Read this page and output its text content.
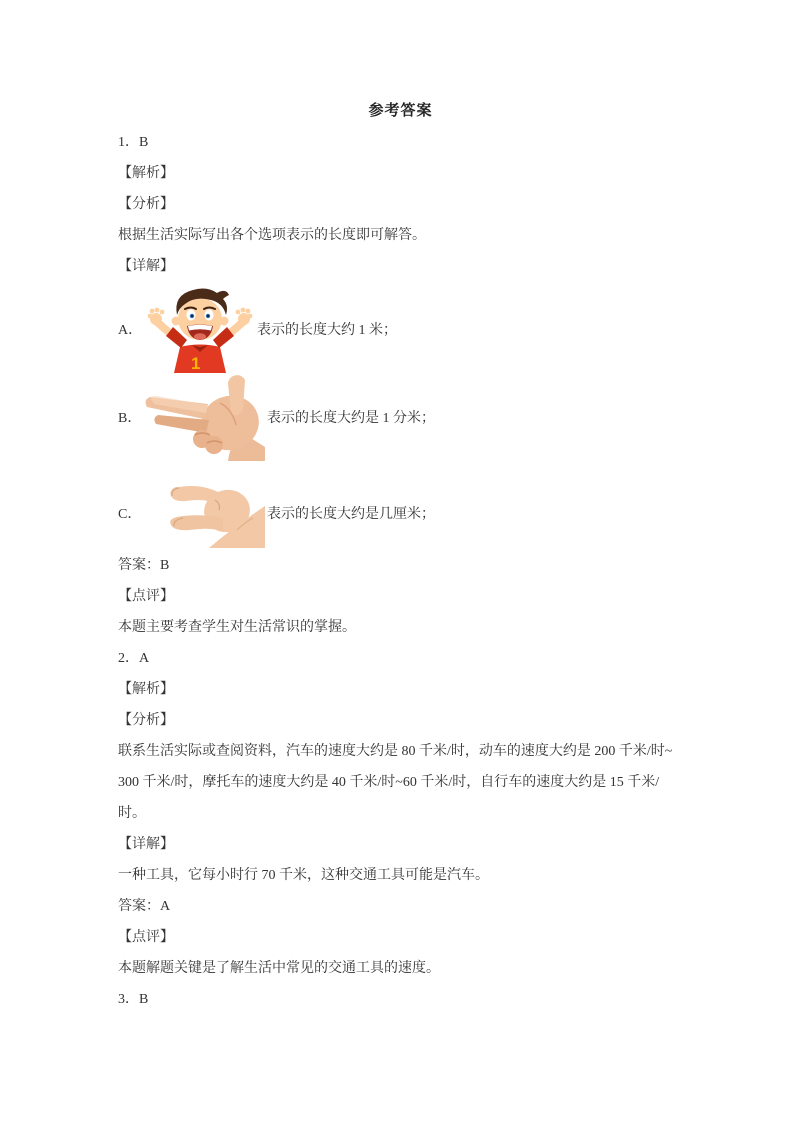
参考答案

1．B

【解析】

【分析】

根据生活实际写出各个选项表示的长度即可解答。

【详解】

A．
1
表示的长度大约 1 米；
B．	表示的长度大约是 1 分米；
C．	表示的长度大约是几厘米；

答案：B

【点评】

本题主要考查学生对生活常识的掌握。

2．A

【解析】

【分析】

联系生活实际或查阅资料，汽车的速度大约是 80 千米/时，动车的速度大约是 200 千米/时~

300 千米/时，摩托车的速度大约是 40 千米/时~60 千米/时，自行车的速度大约是 15 千米/

时。

【详解】

一种工具，它每小时行 70 千米，这种交通工具可能是汽车。

答案：A

【点评】

本题解题关键是了解生活中常见的交通工具的速度。

3．B
